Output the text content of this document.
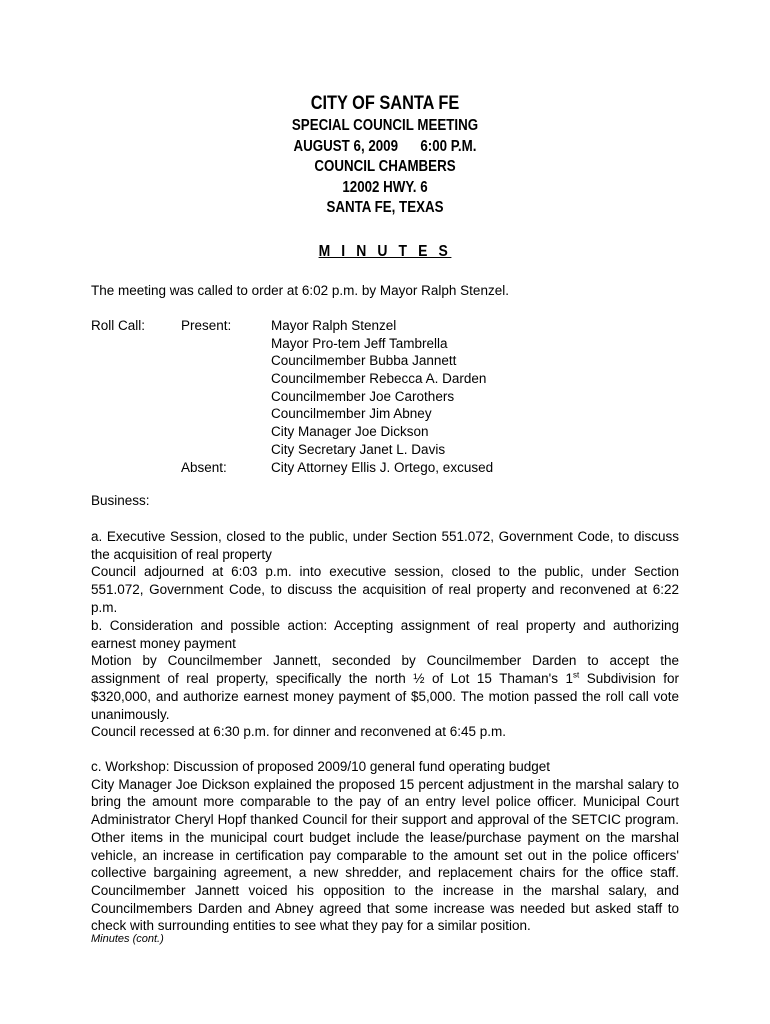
CITY OF SANTA FE
SPECIAL COUNCIL MEETING
AUGUST 6, 2009 6:00 P.M.
COUNCIL CHAMBERS
12002 HWY. 6
SANTA FE, TEXAS
M I N U T E S
The meeting was called to order at 6:02 p.m. by Mayor Ralph Stenzel.
Roll Call:	Present:	Mayor Ralph Stenzel
Mayor Pro-tem Jeff Tambrella
Councilmember Bubba Jannett
Councilmember Rebecca A. Darden
Councilmember Joe Carothers
Councilmember Jim Abney
City Manager Joe Dickson
City Secretary Janet L. Davis
Absent:	City Attorney Ellis J. Ortego, excused
Business:
a. Executive Session, closed to the public, under Section 551.072, Government Code, to discuss the acquisition of real property
Council adjourned at 6:03 p.m. into executive session, closed to the public, under Section 551.072, Government Code, to discuss the acquisition of real property and reconvened at 6:22 p.m.
b. Consideration and possible action: Accepting assignment of real property and authorizing earnest money payment
Motion by Councilmember Jannett, seconded by Councilmember Darden to accept the assignment of real property, specifically the north ½ of Lot 15 Thaman's 1st Subdivision for $320,000, and authorize earnest money payment of $5,000. The motion passed the roll call vote unanimously.
Council recessed at 6:30 p.m. for dinner and reconvened at 6:45 p.m.
c. Workshop: Discussion of proposed 2009/10 general fund operating budget
City Manager Joe Dickson explained the proposed 15 percent adjustment in the marshal salary to bring the amount more comparable to the pay of an entry level police officer. Municipal Court Administrator Cheryl Hopf thanked Council for their support and approval of the SETCIC program. Other items in the municipal court budget include the lease/purchase payment on the marshal vehicle, an increase in certification pay comparable to the amount set out in the police officers' collective bargaining agreement, a new shredder, and replacement chairs for the office staff. Councilmember Jannett voiced his opposition to the increase in the marshal salary, and Councilmembers Darden and Abney agreed that some increase was needed but asked staff to check with surrounding entities to see what they pay for a similar position.
Minutes (cont.)
